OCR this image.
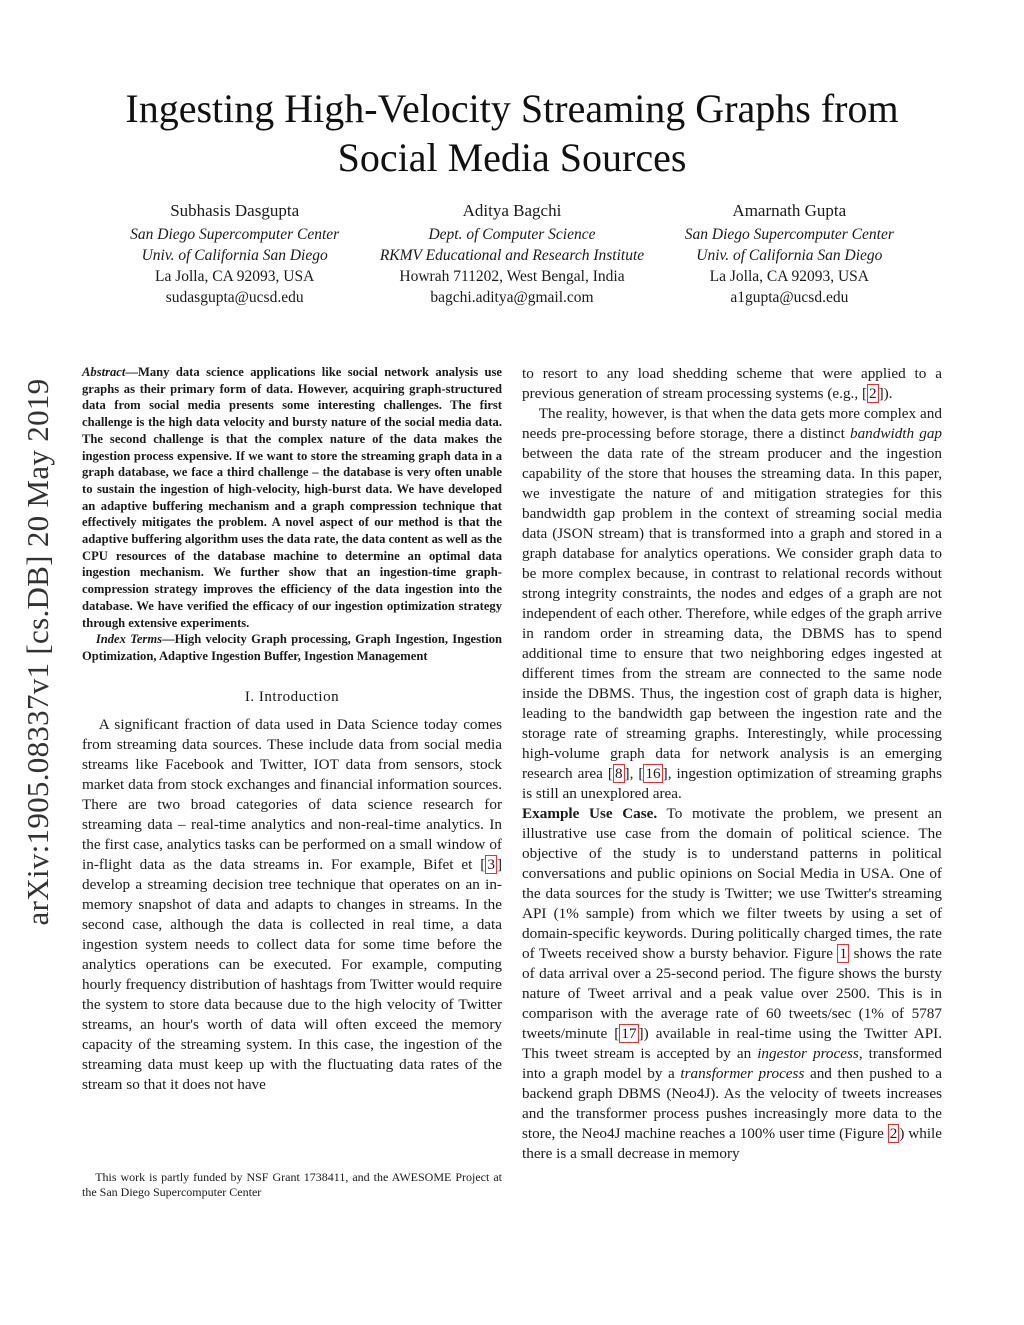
Ingesting High-Velocity Streaming Graphs from Social Media Sources
Subhasis Dasgupta
San Diego Supercomputer Center
Univ. of California San Diego
La Jolla, CA 92093, USA
sudasgupta@ucsd.edu
Aditya Bagchi
Dept. of Computer Science
RKMV Educational and Research Institute
Howrah 711202, West Bengal, India
bagchi.aditya@gmail.com
Amarnath Gupta
San Diego Supercomputer Center
Univ. of California San Diego
La Jolla, CA 92093, USA
a1gupta@ucsd.edu
arXiv:1905.08337v1 [cs.DB] 20 May 2019

Abstract—Many data science applications like social network analysis use graphs as their primary form of data. However, acquiring graph-structured data from social media presents some interesting challenges. The first challenge is the high data velocity and bursty nature of the social media data. The second challenge is that the complex nature of the data makes the ingestion process expensive. If we want to store the streaming graph data in a graph database, we face a third challenge – the database is very often unable to sustain the ingestion of high-velocity, high-burst data. We have developed an adaptive buffering mechanism and a graph compression technique that effectively mitigates the problem. A novel aspect of our method is that the adaptive buffering algorithm uses the data rate, the data content as well as the CPU resources of the database machine to determine an optimal data ingestion mechanism. We further show that an ingestion-time graph-compression strategy improves the efficiency of the data ingestion into the database. We have verified the efficacy of our ingestion optimization strategy through extensive experiments.

Index Terms—High velocity Graph processing, Graph Ingestion, Ingestion Optimization, Adaptive Ingestion Buffer, Ingestion Management

I. Introduction

A significant fraction of data used in Data Science today comes from streaming data sources. These include data from social media streams like Facebook and Twitter, IOT data from sensors, stock market data from stock exchanges and financial information sources. There are two broad categories of data science research for streaming data – real-time analytics and non-real-time analytics. In the first case, analytics tasks can be performed on a small window of in-flight data as the data streams in. For example, Bifet et [ 3 ] develop a streaming decision tree technique that operates on an in-memory snapshot of data and adapts to changes in streams. In the second case, although the data is collected in real time, a data ingestion system needs to collect data for some time before the analytics operations can be executed. For example, computing hourly frequency distribution of hashtags from Twitter would require the system to store data because due to the high velocity of Twitter streams, an hour's worth of data will often exceed the memory capacity of the streaming system. In this case, the ingestion of the streaming data must keep up with the fluctuating data rates of the stream so that it does not have

This work is partly funded by NSF Grant 1738411, and the AWESOME Project at the San Diego Supercomputer Center

to resort to any load shedding scheme that were applied to a previous generation of stream processing systems (e.g., [ 2 ]).

The reality, however, is that when the data gets more complex and needs pre-processing before storage, there a distinct bandwidth gap between the data rate of the stream producer and the ingestion capability of the store that houses the streaming data. In this paper, we investigate the nature of and mitigation strategies for this bandwidth gap problem in the context of streaming social media data (JSON stream) that is transformed into a graph and stored in a graph database for analytics operations. We consider graph data to be more complex because, in contrast to relational records without strong integrity constraints, the nodes and edges of a graph are not independent of each other. Therefore, while edges of the graph arrive in random order in streaming data, the DBMS has to spend additional time to ensure that two neighboring edges ingested at different times from the stream are connected to the same node inside the DBMS. Thus, the ingestion cost of graph data is higher, leading to the bandwidth gap between the ingestion rate and the storage rate of streaming graphs. Interestingly, while processing high-volume graph data for network analysis is an emerging research area [ 8 ], [ 16 ], ingestion optimization of streaming graphs is still an unexplored area.

Example Use Case. To motivate the problem, we present an illustrative use case from the domain of political science. The objective of the study is to understand patterns in political conversations and public opinions on Social Media in USA. One of the data sources for the study is Twitter; we use Twitter's streaming API (1% sample) from which we filter tweets by using a set of domain-specific keywords. During politically charged times, the rate of Tweets received show a bursty behavior. Figure 1 shows the rate of data arrival over a 25-second period. The figure shows the bursty nature of Tweet arrival and a peak value over 2500. This is in comparison with the average rate of 60 tweets/sec (1% of 5787 tweets/minute [ 17 ]) available in real-time using the Twitter API. This tweet stream is accepted by an ingestor process, transformed into a graph model by a transformer process and then pushed to a backend graph DBMS (Neo4J). As the velocity of tweets increases and the transformer process pushes increasingly more data to the store, the Neo4J machine reaches a 100% user time (Figure 2 ) while there is a small decrease in memory
